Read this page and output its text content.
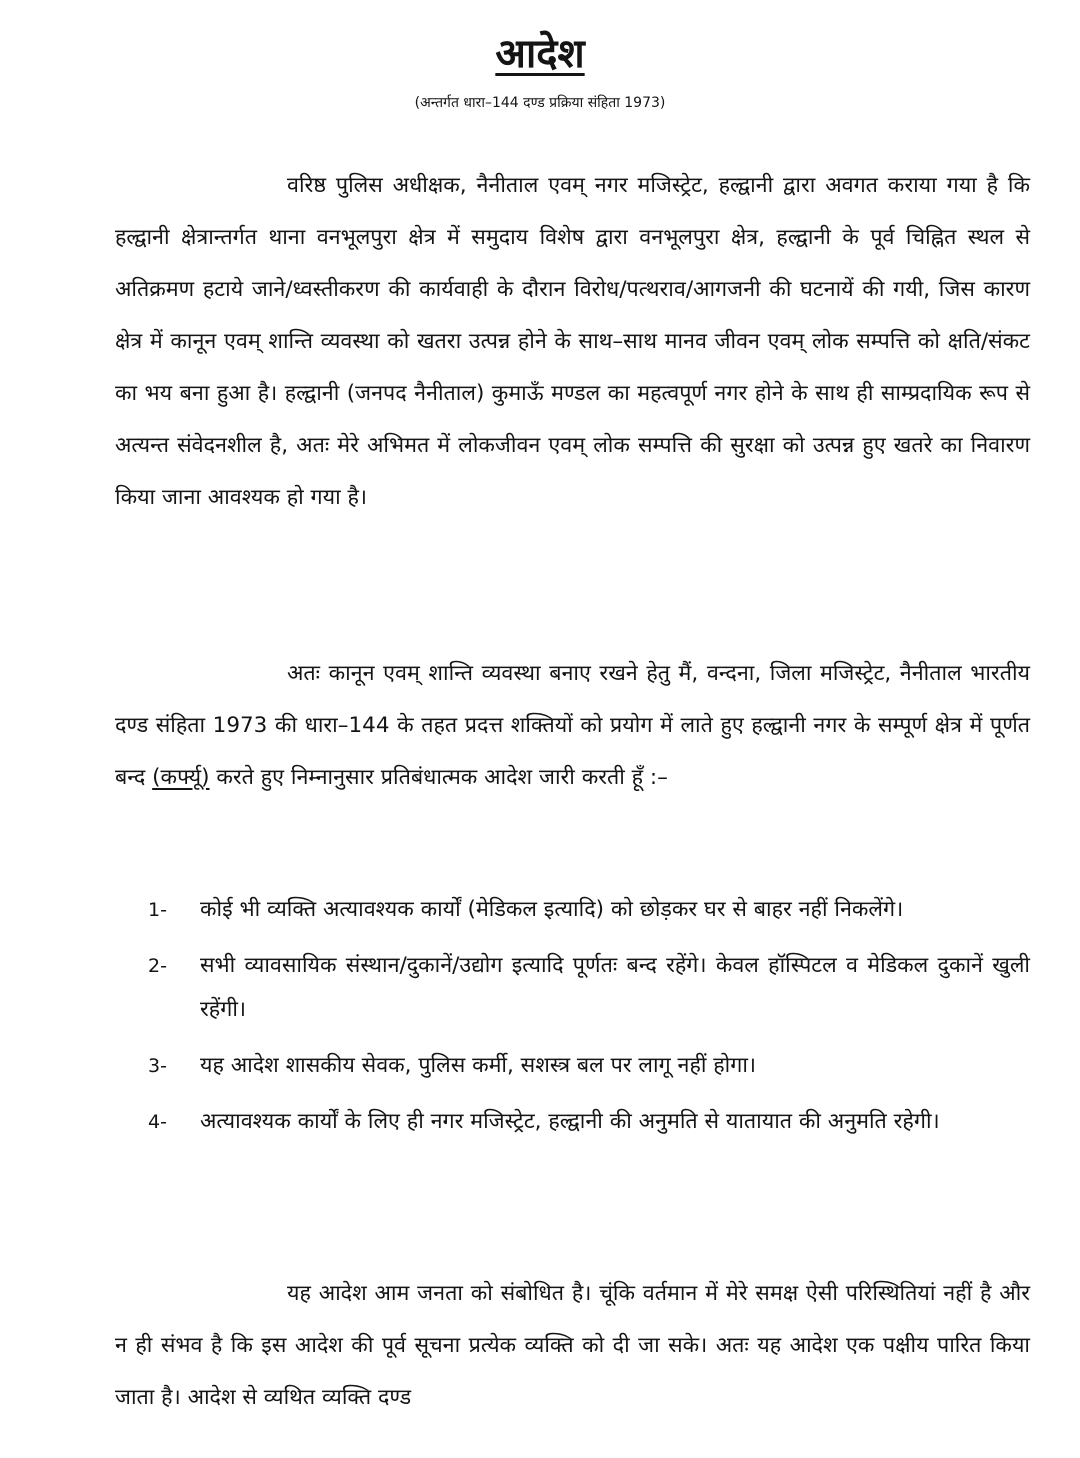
आदेश

(अन्तर्गत धारा–144 दण्ड प्रक्रिया संहिता 1973)

वरिष्ठ पुलिस अधीक्षक, नैनीताल एवम् नगर मजिस्ट्रेट, हल्द्वानी द्वारा अवगत कराया गया है कि हल्द्वानी क्षेत्रान्तर्गत थाना वनभूलपुरा क्षेत्र में समुदाय विशेष द्वारा वनभूलपुरा क्षेत्र, हल्द्वानी के पूर्व चिह्नित स्थल से अतिक्रमण हटाये जाने/ध्वस्तीकरण की कार्यवाही के दौरान विरोध/पत्थराव/आगजनी की घटनायें की गयी, जिस कारण क्षेत्र में कानून एवम् शान्ति व्यवस्था को खतरा उत्पन्न होने के साथ–साथ मानव जीवन एवम् लोक सम्पत्ति को क्षति/संकट का भय बना हुआ है। हल्द्वानी (जनपद नैनीताल) कुमाऊँ मण्डल का महत्वपूर्ण नगर होने के साथ ही साम्प्रदायिक रूप से अत्यन्त संवेदनशील है, अतः मेरे अभिमत में लोकजीवन एवम् लोक सम्पत्ति की सुरक्षा को उत्पन्न हुए खतरे का निवारण किया जाना आवश्यक हो गया है।

अतः कानून एवम् शान्ति व्यवस्था बनाए रखने हेतु मैं, वन्दना, जिला मजिस्ट्रेट, नैनीताल भारतीय दण्ड संहिता 1973 की धारा–144 के तहत प्रदत्त शक्तियों को प्रयोग में लाते हुए हल्द्वानी नगर के सम्पूर्ण क्षेत्र में पूर्णत बन्द (कर्फ्यू) करते हुए निम्नानुसार प्रतिबंधात्मक आदेश जारी करती हूँ :–

1- कोई भी व्यक्ति अत्यावश्यक कार्यों (मेडिकल इत्यादि) को छोड़कर घर से बाहर नहीं निकलेंगे।
2- सभी व्यावसायिक संस्थान/दुकानें/उद्योग इत्यादि पूर्णतः बन्द रहेंगे। केवल हॉस्पिटल व मेडिकल दुकानें खुली रहेंगी।
3- यह आदेश शासकीय सेवक, पुलिस कर्मी, सशस्त्र बल पर लागू नहीं होगा।
4- अत्यावश्यक कार्यों के लिए ही नगर मजिस्ट्रेट, हल्द्वानी की अनुमति से यातायात की अनुमति रहेगी।

यह आदेश आम जनता को संबोधित है। चूंकि वर्तमान में मेरे समक्ष ऐसी परिस्थितियां नहीं है और न ही संभव है कि इस आदेश की पूर्व सूचना प्रत्येक व्यक्ति को दी जा सके। अतः यह आदेश एक पक्षीय पारित किया जाता है। आदेश से व्यथित व्यक्ति दण्ड
